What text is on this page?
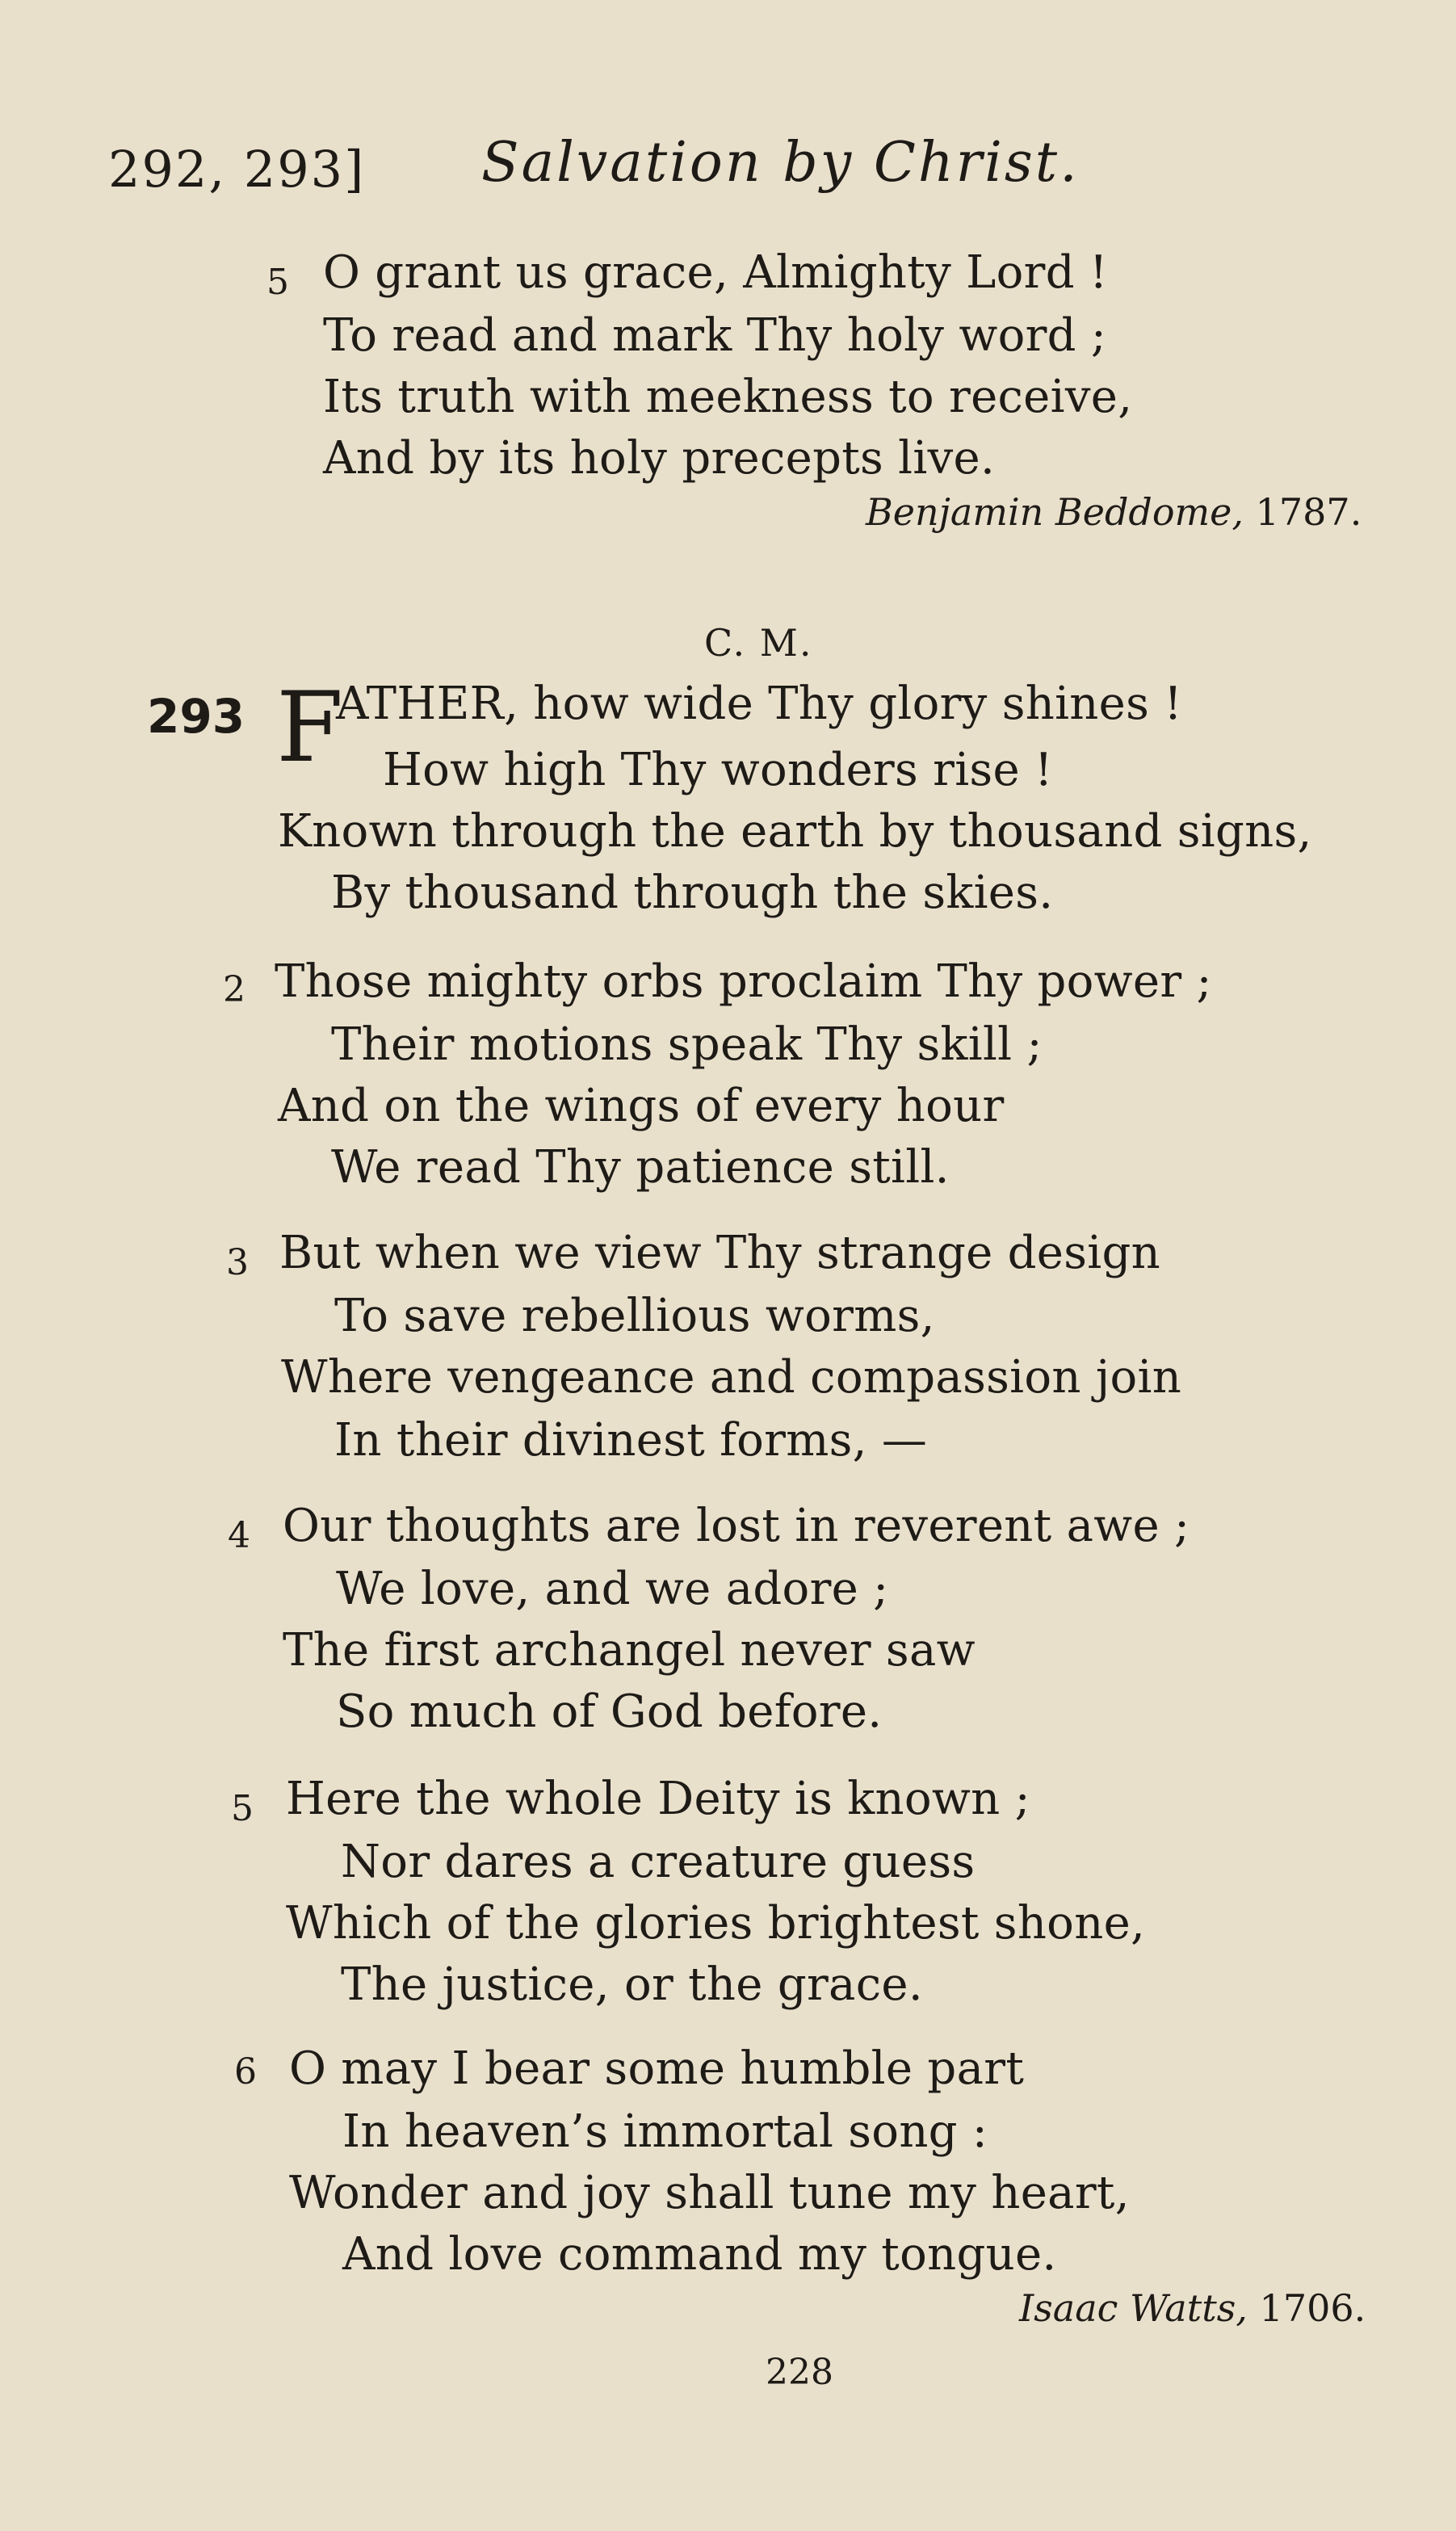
292, 293] Salvation by Christ.
5 O grant us grace, Almighty Lord !
To read and mark Thy holy word ;
Its truth with meekness to receive,
And by its holy precepts live.
Benjamin Beddome, 1787.
C. M.
293 F
ATHER, how wide Thy glory shines !
How high Thy wonders rise !
Known through the earth by thousand signs,
By thousand through the skies.
2 Those mighty orbs proclaim Thy power ;
Their motions speak Thy skill ;
And on the wings of every hour
We read Thy patience still.
3 But when we view Thy strange design
To save rebellious worms,
Where vengeance and compassion join
In their divinest forms, —
4 Our thoughts are lost in reverent awe ;
We love, and we adore ;
The first archangel never saw
So much of God before.
5 Here the whole Deity is known ;
Nor dares a creature guess
Which of the glories brightest shone,
The justice, or the grace.
6 O may I bear some humble part
In heaven’s immortal song :
Wonder and joy shall tune my heart,
And love command my tongue.
Isaac Watts, 1706.
228
